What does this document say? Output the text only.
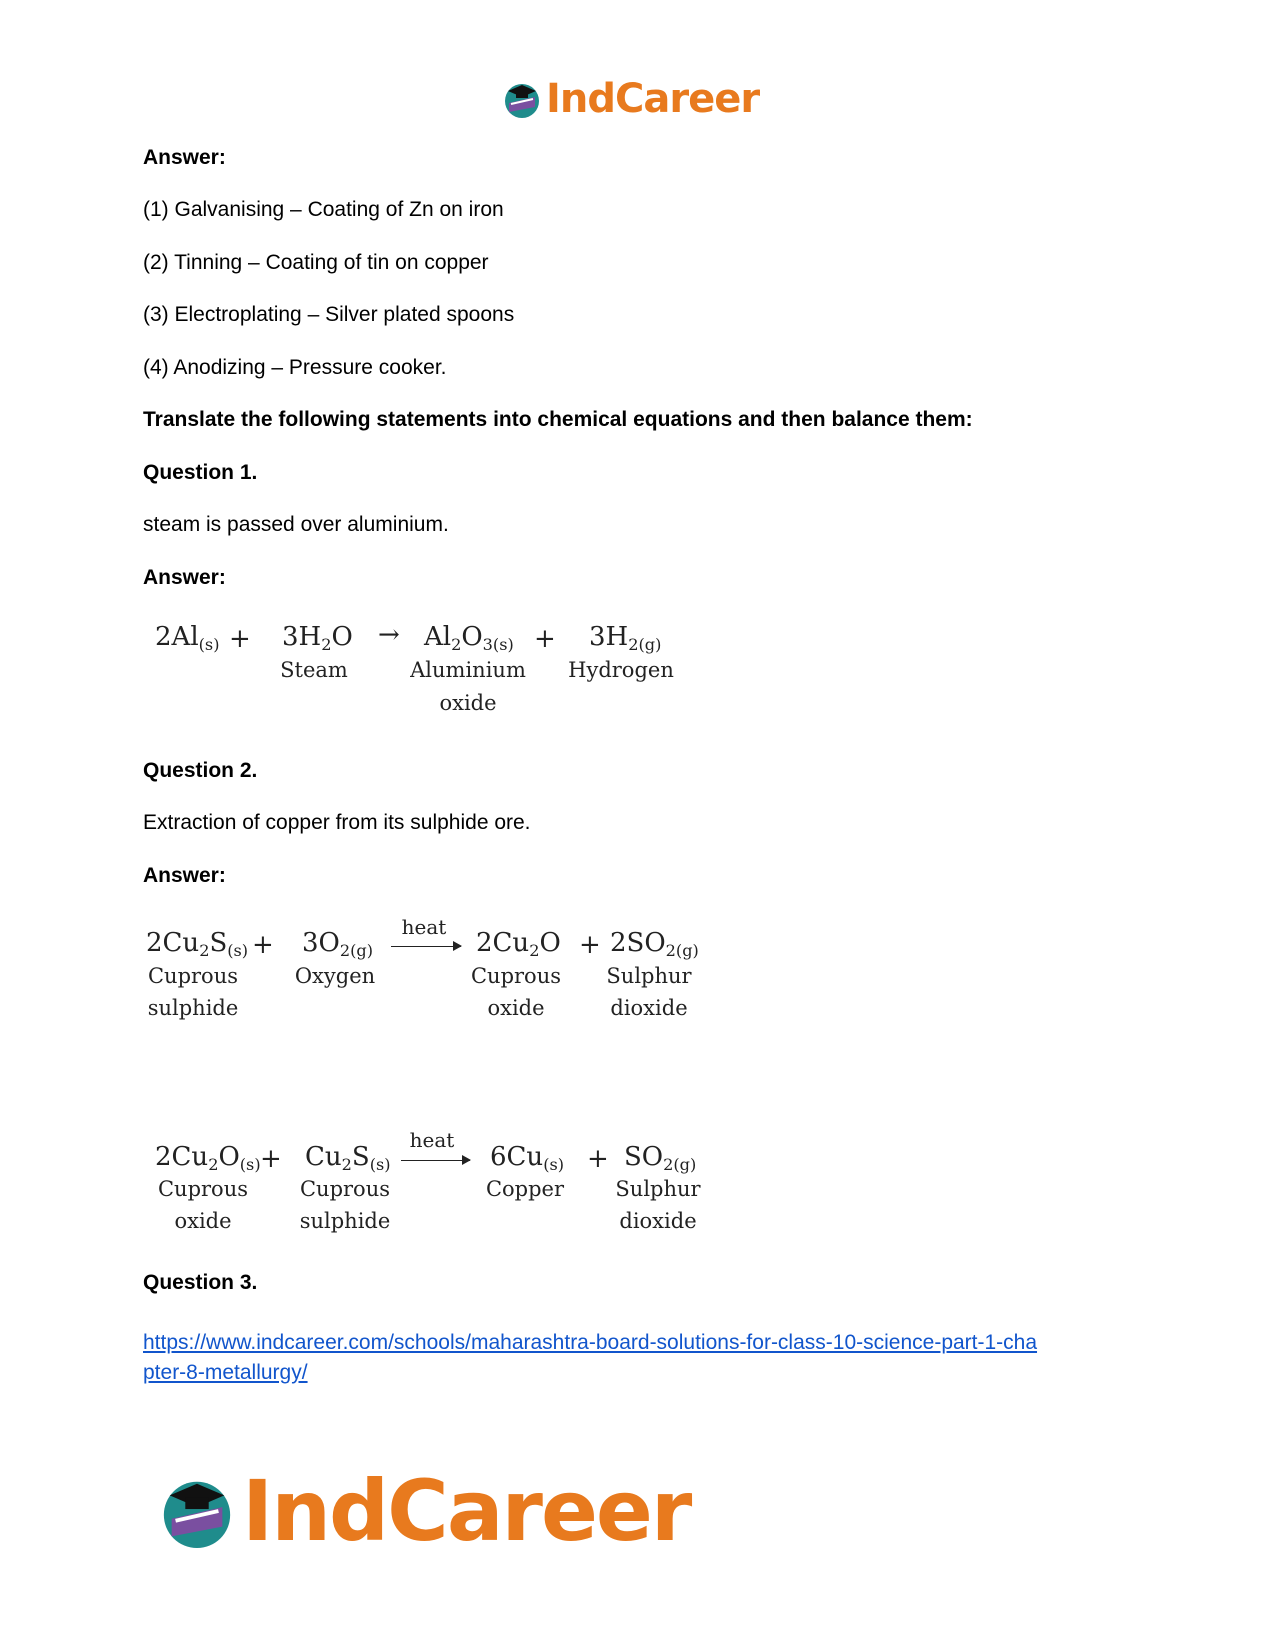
IndCareer
Answer:
(1) Galvanising – Coating of Zn on iron
(2) Tinning – Coating of tin on copper
(3) Electroplating – Silver plated spoons
(4) Anodizing – Pressure cooker.
Translate the following statements into chemical equations and then balance them:
Question 1.
steam is passed over aluminium.
Answer:
$2Al_{(s)} + 3H_2O \to Al_2O_{3(s)} + 3H_{2(g)}$
Steam	Aluminium
oxide
Hydrogen
Question 2.
Extraction of copper from its sulphide ore.
Answer:
$2Cu_2S_{(s)} + 3O_{2(g)}$
heat
$2Cu_2O + 2SO_{2(g)}$
Cuprous
sulphide
Oxygen	Cuprous
oxide
Sulphur
dioxide
$2Cu_2O_{(s)} + Cu_2S_{(s)}$
heat
$6Cu_{(s)} + SO_{2(g)}$
Cuprous
oxide
Cuprous
sulphide
Copper Sulphur
dioxide
Question 3.
https://www.indcareer.com/schools/maharashtra-board-solutions-for-class-10-science-part-1-cha
pter-8-metallurgy/
IndCareer
